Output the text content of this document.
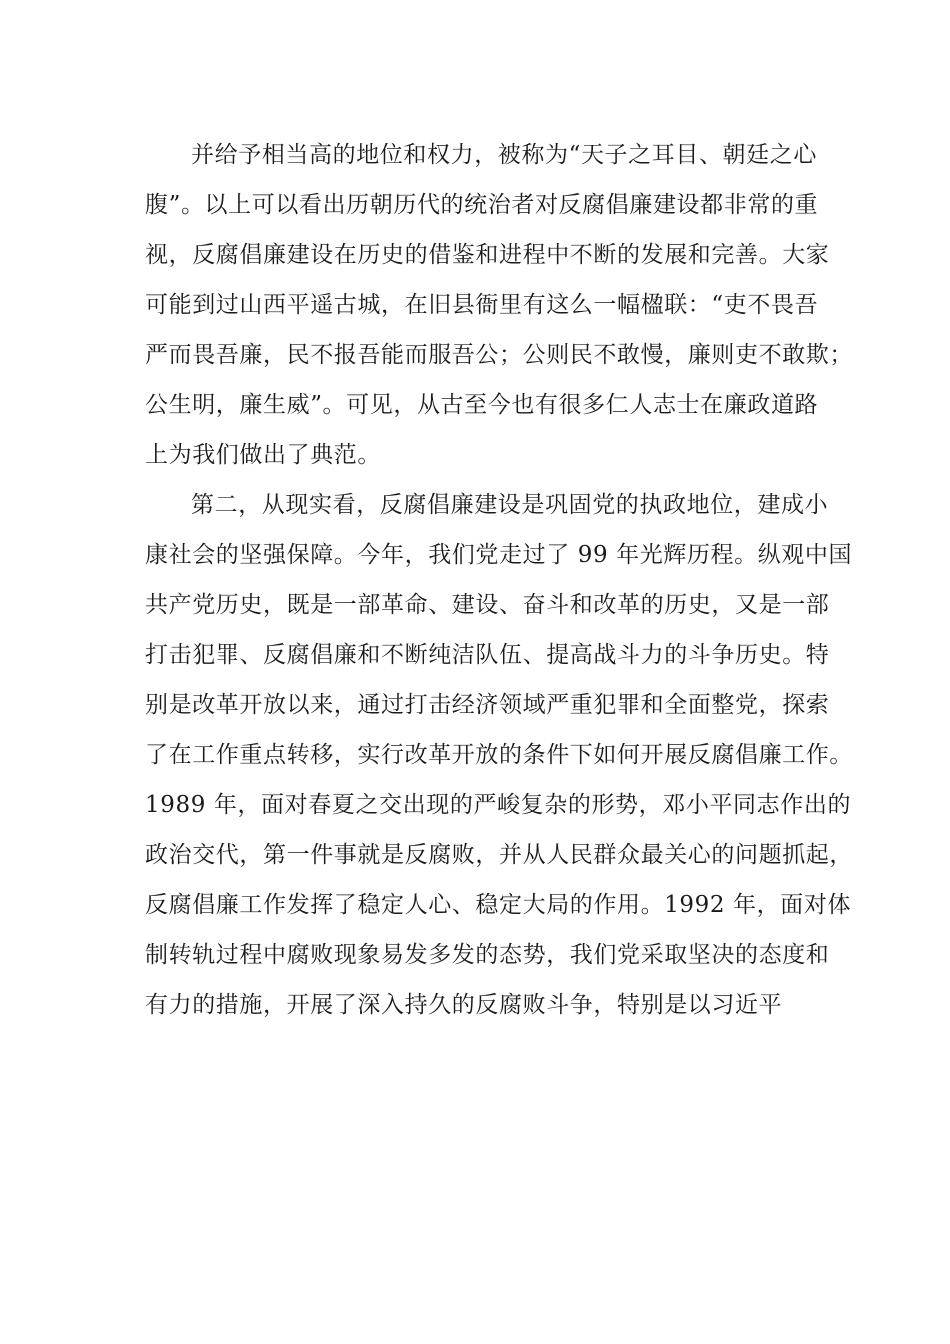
并给予相当高的地位和权力，被称为“天子之耳目、朝廷之心
腹”。以上可以看出历朝历代的统治者对反腐倡廉建设都非常的重
视，反腐倡廉建设在历史的借鉴和进程中不断的发展和完善。大家
可能到过山西平遥古城，在旧县衙里有这么一幅楹联：“吏不畏吾
严而畏吾廉，民不报吾能而服吾公；公则民不敢慢，廉则吏不敢欺；
公生明，廉生威”。可见，从古至今也有很多仁人志士在廉政道路
上为我们做出了典范。
第二，从现实看，反腐倡廉建设是巩固党的执政地位，建成小
康社会的坚强保障。今年，我们党走过了 99 年光辉历程。纵观中国
共产党历史，既是一部革命、建设、奋斗和改革的历史，又是一部
打击犯罪、反腐倡廉和不断纯洁队伍、提高战斗力的斗争历史。特
别是改革开放以来，通过打击经济领域严重犯罪和全面整党，探索
了在工作重点转移，实行改革开放的条件下如何开展反腐倡廉工作。
1989 年，面对春夏之交出现的严峻复杂的形势，邓小平同志作出的
政治交代，第一件事就是反腐败，并从人民群众最关心的问题抓起，
反腐倡廉工作发挥了稳定人心、稳定大局的作用。1992 年，面对体
制转轨过程中腐败现象易发多发的态势，我们党采取坚决的态度和
有力的措施，开展了深入持久的反腐败斗争，特别是以习近平
